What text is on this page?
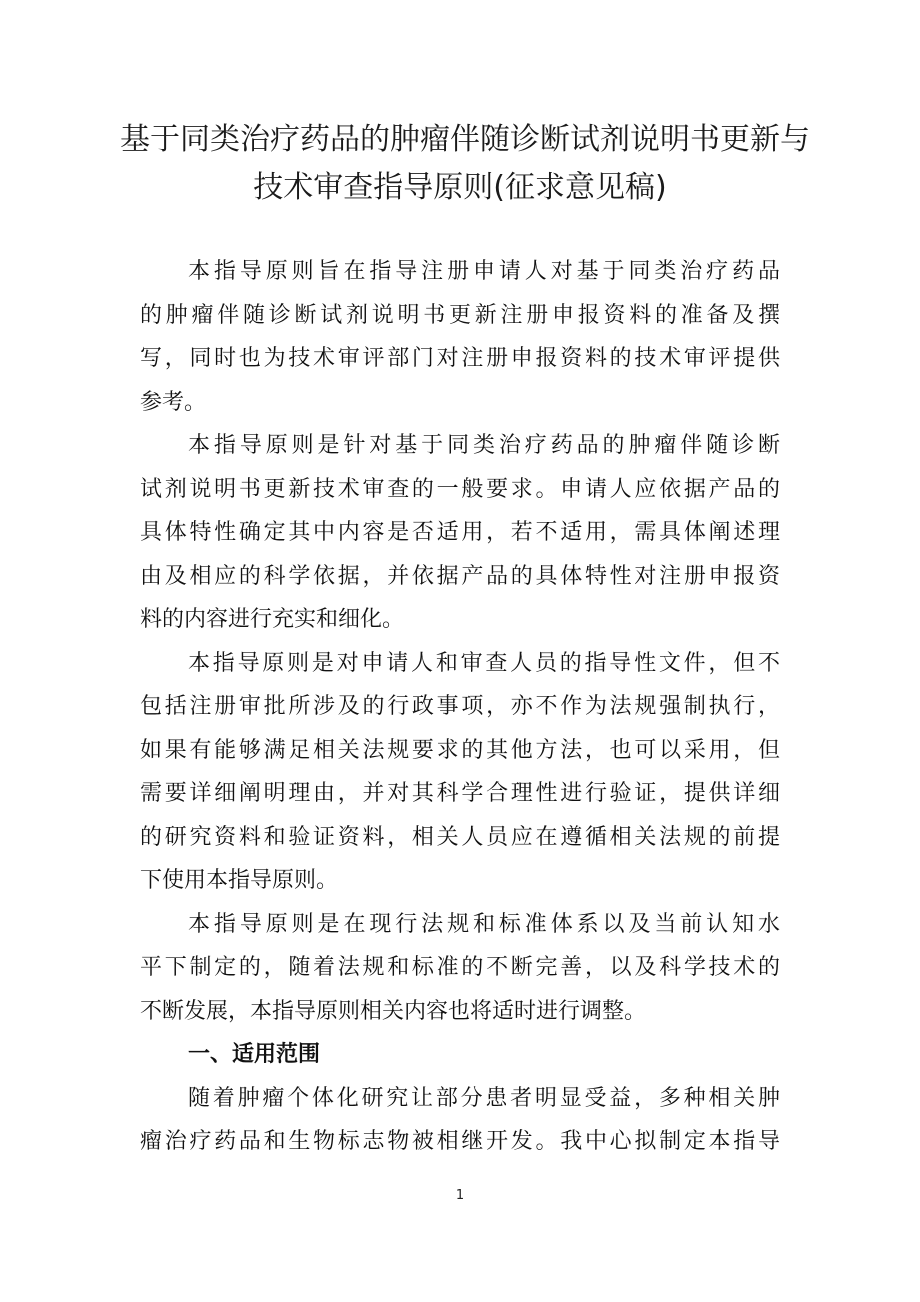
基于同类治疗药品的肿瘤伴随诊断试剂说明书更新与
技术审查指导原则(征求意见稿)
本指导原则旨在指导注册申请人对基于同类治疗药品
的肿瘤伴随诊断试剂说明书更新注册申报资料的准备及撰
写，同时也为技术审评部门对注册申报资料的技术审评提供
参考。
本指导原则是针对基于同类治疗药品的肿瘤伴随诊断
试剂说明书更新技术审查的一般要求。申请人应依据产品的
具体特性确定其中内容是否适用，若不适用，需具体阐述理
由及相应的科学依据，并依据产品的具体特性对注册申报资
料的内容进行充实和细化。
本指导原则是对申请人和审查人员的指导性文件，但不
包括注册审批所涉及的行政事项，亦不作为法规强制执行，
如果有能够满足相关法规要求的其他方法，也可以采用，但
需要详细阐明理由，并对其科学合理性进行验证，提供详细
的研究资料和验证资料，相关人员应在遵循相关法规的前提
下使用本指导原则。
本指导原则是在现行法规和标准体系以及当前认知水
平下制定的，随着法规和标准的不断完善，以及科学技术的
不断发展，本指导原则相关内容也将适时进行调整。
一、适用范围
随着肿瘤个体化研究让部分患者明显受益，多种相关肿
瘤治疗药品和生物标志物被相继开发。我中心拟制定本指导
1
